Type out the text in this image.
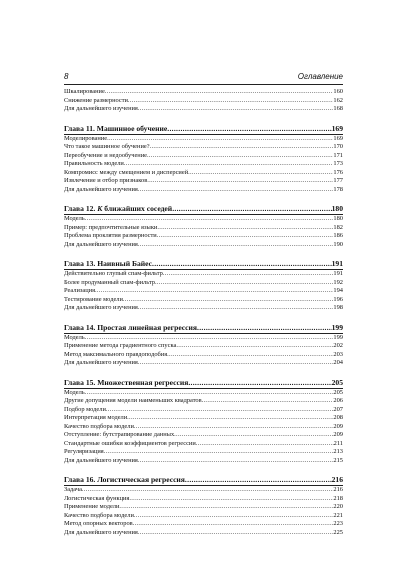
8	Оглавление
Шкалирование .....	160
Снижение размерности .....	162
Для дальнейшего изучения .....	168
Глава 11. Машинное обучение .....	169
Моделирование .....	169
Что такое машинное обучение? .....	170
Переобучение и недообучение .....	171
Правильность модели .....	173
Компромисс между смещением и дисперсией .....	176
Извлечение и отбор признаков .....	177
Для дальнейшего изучения .....	178
Глава 12. К ближайших соседей .....	180
Модель .....	180
Пример: предпочтительные языки .....	182
Проблема проклятия размерности .....	186
Для дальнейшего изучения .....	190
Глава 13. Наивный Байес .....	191
Действительно глупый спам-фильтр .....	191
Более продуманный спам-фильтр .....	192
Реализация .....	194
Тестирование модели .....	196
Для дальнейшего изучения .....	198
Глава 14. Простая линейная регрессия .....	199
Модель .....	199
Применение метода градиентного спуска .....	202
Метод максимального правдоподобия .....	203
Для дальнейшего изучения .....	204
Глава 15. Множественная регрессия .....	205
Модель .....	205
Другие допущения модели наименьших квадратов .....	206
Подбор модели .....	207
Интерпретация модели .....	208
Качество подбора модели .....	209
Отступление: бутстрапирование данных .....	209
Стандартные ошибки коэффициентов регрессии .....	211
Регуляризация .....	213
Для дальнейшего изучения .....	215
Глава 16. Логистическая регрессия .....	216
Задача .....	216
Логистическая функция .....	218
Применение модели .....	220
Качество подбора модели .....	221
Метод опорных векторов .....	223
Для дальнейшего изучения .....	225
